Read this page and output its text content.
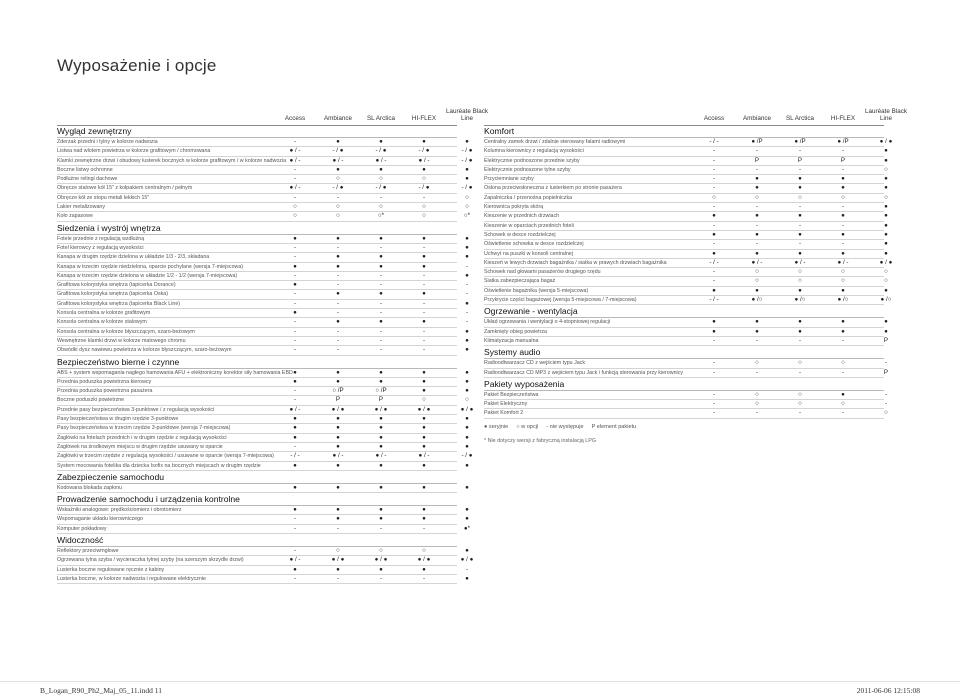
Wyposażenie i opcje
Access	Ambiance	SL Arctica	HI-FLEX
Lauréate Black Line
Wygląd zewnętrzny
Zderzak przedni i tylny w kolorze nadwozia	-	●	●	●	●
Listwa nad wlotem powietrza w kolorze grafitowym / chromowana	● / -	- / ●	- / ●	- / ●	- / ●
Klamki zewnętrzne drzwi i obudowy lusterek bocznych w kolorze grafitowym / w kolorze nadwozia ● / -	● / -	● / -	● / -	- / ●
Boczne listwy ochronne	-	●	●	●	●
Podłużne relingi dachowe	-	○	○	○	●
Obręcze stalowe kół 15" z kołpakiem centralnym / pełnym	● / -	- / ●	- / ●	- / ●	- / ●
Obręcze kół ze stopu metali lekkich 15"	-	-	-	-	○
Lakier metalizowany	○	○	○	○	○
Koło zapasowe	○	○	○*	○	○*
Siedzenia i wystrój wnętrza
Fotele przednie z regulacją wzdłużną	●	●	●	●	●
Fotel kierowcy z regulacją wysokości	-	-	-	-	●
Kanapa w drugim rzędzie dzielona w układzie 1/3 - 2/3, składana	-	●	●	●	●
Kanapa w trzecim rzędzie niedzielona, oparcie pochylane (wersja 7-miejscowa)	●	●	●	●	-
Kanapa w trzecim rzędzie dzielona w układzie 1/2 - 1/2 (wersja 7-miejscowa)	-	-	-	-	●
Grafitowa kolorystyka wnętrza (tapicerka Dorance)	●	-	-	-	-
Grafitowa kolorystyka wnętrza (tapicerka Oska)	-	●	●	●	-
Grafitowa kolorystyka wnętrza (tapicerka Black Line)	-	-	-	-	●
Konsola centralna w kolorze grafitowym	●	-	-	-	-
Konsola centralna w kolorze stalowym	-	●	●	●	-
Konsola centralna w kolorze błyszczącym, szaro-beżowym	-	-	-	-	●
Wewnętrzne klamki drzwi w kolorze matowego chromu	-	-	-	-	●
Obwódki dysz nawiewu powietrza w kolorze błyszczącym, szaro-beżowym	-	-	-	-	●
Bezpieczeństwo bierne i czynne
ABS + system wspomagania nagłego hamowania AFU + elektroniczny korektor siły hamowania EBD ●	●	●	●	●
Przednia poduszka powietrzna kierowcy	●	●	●	●	●
Przednia poduszka powietrzna pasażera	-	○ /P	○ /P	●	●
Boczne poduszki powietrzne	-	P	P	○	○
Przednie pasy bezpieczeństwa 3-punktowe / z regulacją wysokości	● / -	● / ●	● / ●	● / ●	● / ●
Pasy bezpieczeństwa w drugim rzędzie 3-punktowe	●	●	●	●	●
Pasy bezpieczeństwa w trzecim rzędzie 3-punktowe (wersja 7-miejscowa)	●	●	●	●	●
Zagłówki na fotelach przednich i w drugim rzędzie z regulacją wysokości	●	●	●	●	●
Zagłówek na środkowym miejscu w drugim rzędzie usuwany w oparcie	-	●	●	●	●
Zagłówki w trzecim rzędzie z regulacją wysokości / usuwane w oparcie (wersja 7-miejscowa)	- / -	● / -	● / -	● / -	- / ●
System mocowania fotelika dla dziecka Isofix na bocznych miejscach w drugim rzędzie	●	●	●	●	●
Zabezpieczenie samochodu
Kodowana blokada zapłonu	●	●	●	●	●
Prowadzenie samochodu i urządzenia kontrolne
Wskaźniki analogowe: prędkościomierz i obrotomierz	●	●	●	●	●
Wspomaganie układu kierowniczego	-	●	●	●	●
Komputer pokładowy	-	-	-	-	●*
Widoczność
Reflektory przeciwmgłowe	-	○	○	○	●
Ogrzewana tylna szyba / wycieraczka tylnej szyby (na szerszym skrzydle drzwi)	● / -	● / ●	● / ●	● / ●	● / ●
Lusterka boczne regulowane ręcznie z kabiny	●	●	●	●	-
Lusterka boczne, w kolorze nadwozia i regulowane elektrycznie	-	-	-	-	●
Access	Ambiance	SL Arctica	HI-FLEX
Lauréate Black Line
Komfort
Centralny zamek drzwi / zdalnie sterowany falami radiowymi	- / -	● /P	● /P	● /P	● / ●
Kolumna kierownicy z regulacją wysokości	-	-	-	-	●
Elektrycznie podnoszone przednie szyby	-	P	P	P	●
Elektrycznie podnoszone tylne szyby	-	-	-	-	○
Przyciemniane szyby	-	●	●	●	●
Osłona przeciwsłoneczna z lusterkiem po stronie pasażera	-	●	●	●	●
Zapalniczka / przenośna popielniczka	○	○	○	○	○
Kierownica pokryta skórą	-	-	-	-	●
Kieszenie w przednich drzwiach	●	●	●	●	●
Kieszenie w oparciach przednich foteli	-	-	-	-	●
Schowek w desce rozdzielczej	●	●	●	●	●
Oświetlenie schowka w desce rozdzielczej	-	-	-	-	●
Uchwyt na puszki w konsoli centralnej	●	●	●	●	●
Kieszeń w lewych drzwiach bagażnika / siatka w prawych drzwiach bagażnika	- / -	● / -	● / -	● / -	● / ●
Schowek nad głowami pasażerów drugiego rzędu	-	○	○	○	○
Siatka zabezpieczająca bagaż	-	○	○	○	○
Oświetlenie bagażnika (wersja 5-miejscowa)	●	●	●	●	●
Przykrycie części bagażowej (wersja 5-miejscowa / 7-miejscowa)	- / -	● /○	● /○	● /○	● /○
Ogrzewanie - wentylacja
Układ ogrzewania i wentylacji o 4-stopniowej regulacji	●	●	●	●	●
Zamknięty obieg powietrza	●	●	●	●	●
Klimatyzacja manualna	-	-	-	-	P
Systemy audio
Radioodtwarzacz CD z wejściem typu Jack	-	○	○	○	-
Radioodtwarzacz CD MP3 z wejściem typu Jack i funkcją sterowania przy kierownicy	-	-	-	-	P
Pakiety wyposażenia
Pakiet Bezpieczeństwa	-	○	○	●	-
Pakiet Elektryczny	-	○	○	○	-
Pakiet Komfort 2	-	-	-	-	○
● seryjnie ○ w opcji - nie występuje P element pakietu
* Nie dotyczy wersji z fabryczną instalacją LPG
B_Logan_R90_Ph2_Maj_05_11.indd 11	2011-06-06 12:15:08
